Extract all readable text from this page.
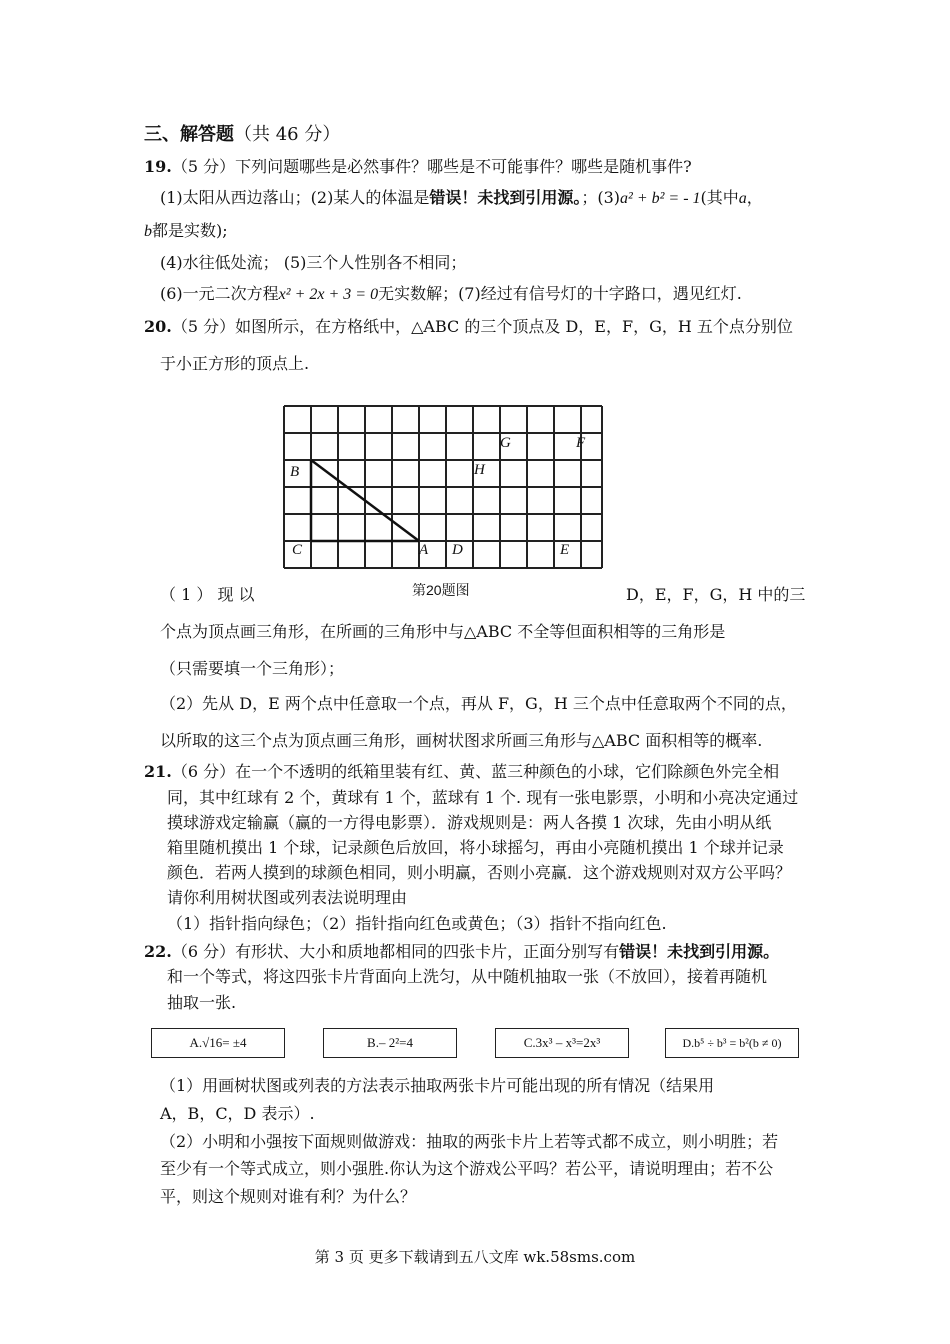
三、解答题（共 46 分）
19.（5 分）下列问题哪些是必然事件？哪些是不可能事件？哪些是随机事件?
(1)太阳从西边落山；(2)某人的体温是错误！未找到引用源。；(3)a² + b² = - 1(其中a，
b都是实数);
(4)水往低处流； (5)三个人性别各不相同；
(6)一元二次方程x² + 2x + 3 = 0无实数解；(7)经过有信号灯的十字路口，遇见红灯.
20.（5 分）如图所示，在方格纸中，△ABC 的三个顶点及 D，E，F，G，H 五个点分别位
于小正方形的顶点上.
B
C	A D	E
H
G	F
第20题图
（ 1 ） 现 以	D，E，F，G，H 中的三
个点为顶点画三角形，在所画的三角形中与△ABC 不全等但面积相等的三角形是
（只需要填一个三角形）；
（2）先从 D，E 两个点中任意取一个点，再从 F，G，H 三个点中任意取两个不同的点，
以所取的这三个点为顶点画三角形，画树状图求所画三角形与△ABC 面积相等的概率.
21.（6 分）在一个不透明的纸箱里装有红、黄、蓝三种颜色的小球，它们除颜色外完全相
同，其中红球有 2 个，黄球有 1 个，蓝球有 1 个. 现有一张电影票，小明和小亮决定通过
摸球游戏定输赢（赢的一方得电影票）．游戏规则是：两人各摸 1 次球，先由小明从纸
箱里随机摸出 1 个球，记录颜色后放回，将小球摇匀，再由小亮随机摸出 1 个球并记录
颜色．若两人摸到的球颜色相同，则小明赢，否则小亮赢．这个游戏规则对双方公平吗？
请你利用树状图或列表法说明理由
（1）指针指向绿色；（2）指针指向红色或黄色；（3）指针不指向红色.
22.（6 分）有形状、大小和质地都相同的四张卡片，正面分别写有错误！未找到引用源。
和一个等式，将这四张卡片背面向上洗匀，从中随机抽取一张（不放回），接着再随机
抽取一张.
A.√16= ±4	B.– 2²=4	C.3x³ – x³=2x³	D.b⁵ ÷ b³ = b²(b ≠ 0)
（1）用画树状图或列表的方法表示抽取两张卡片可能出现的所有情况（结果用
A，B，C，D 表示）.
（2）小明和小强按下面规则做游戏：抽取的两张卡片上若等式都不成立，则小明胜；若
至少有一个等式成立，则小强胜.你认为这个游戏公平吗？若公平，请说明理由；若不公
平，则这个规则对谁有利？为什么？
第 3 页 更多下载请到五八文库 wk.58sms.com
